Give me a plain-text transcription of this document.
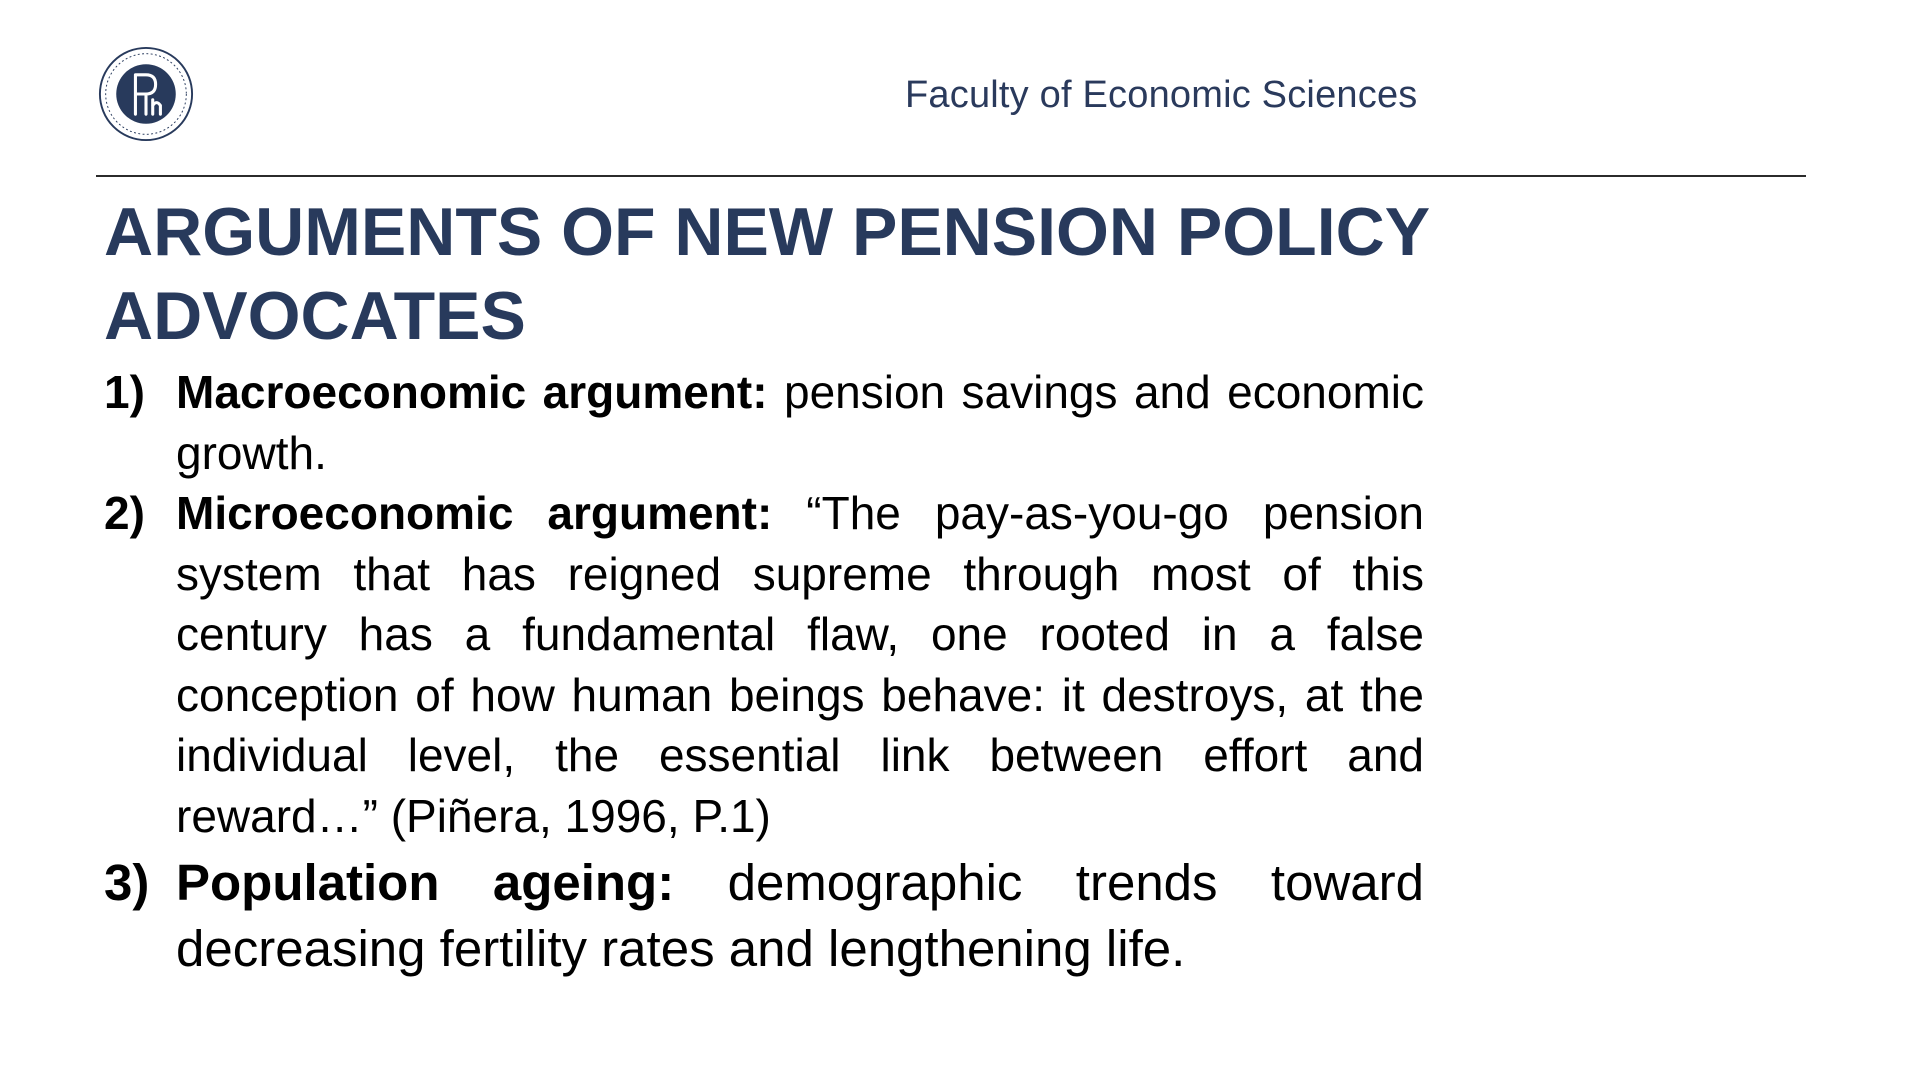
Faculty of Economic Sciences
ARGUMENTS OF NEW PENSION POLICY ADVOCATES
1) Macroeconomic argument: pension savings and economic growth.
2) Microeconomic argument: “The pay-as-you-go pension system that has reigned supreme through most of this century has a fundamental flaw, one rooted in a false conception of how human beings behave: it destroys, at the individual level, the essential link between effort and reward…” (Piñera, 1996, P.1)
3) Population ageing: demographic trends toward decreasing fertility rates and lengthening life.
